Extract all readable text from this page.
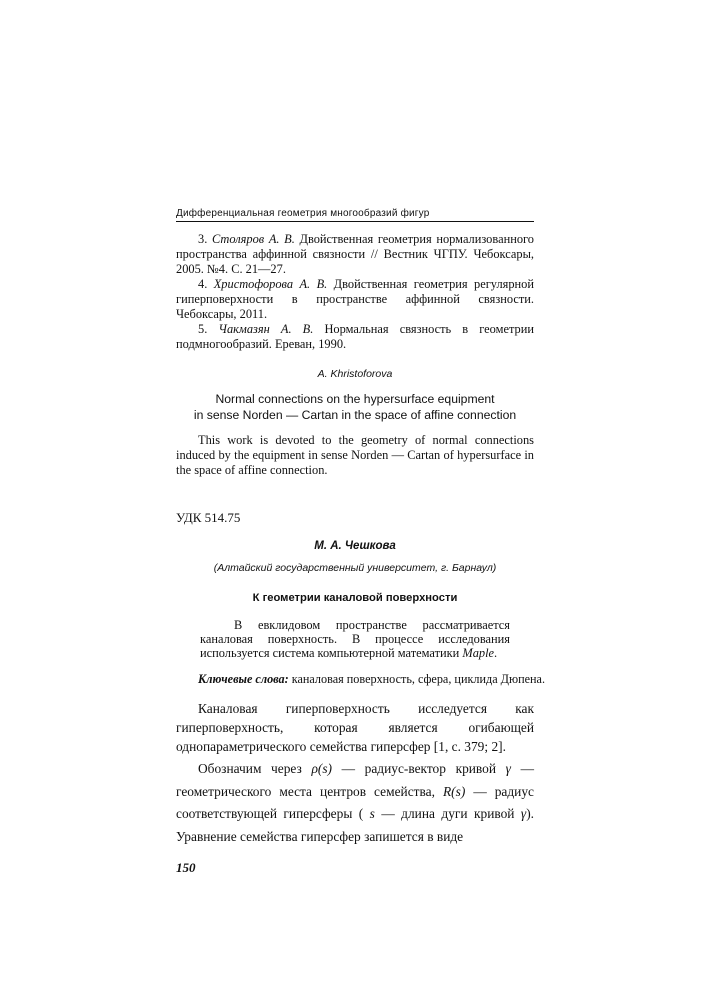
Дифференциальная геометрия многообразий фигур

3. Столяров А. В. Двойственная геометрия нормализованного пространства аффинной связности // Вестник ЧГПУ. Чебоксары, 2005. №4. С. 21—27.

4. Христофорова А. В. Двойственная геометрия регулярной гиперповерхности в пространстве аффинной связности. Чебоксары, 2011.

5. Чакмазян А. В. Нормальная связность в геометрии подмногообразий. Ереван, 1990.

A. Khristoforova
Normal connections on the hypersurface equipment
in sense Norden — Cartan in the space of affine connection
This work is devoted to the geometry of normal connections induced by the equipment in sense Norden — Cartan of hypersurface in the space of affine connection.
УДК 514.75
М. А. Чешкова
(Алтайский государственный университет, г. Барнаул)
К геометрии каналовой поверхности
В евклидовом пространстве рассматривается каналовая поверхность. В процессе исследования используется система компьютерной математики Maple.
Ключевые слова: каналовая поверхность, сфера, циклида Дюпена.

Каналовая гиперповерхность исследуется как гиперповерхность, которая является огибающей однопараметрического семейства гиперсфер [1, с. 379; 2].

Обозначим через ρ(s) — радиус-вектор кривой γ — геометрического места центров семейства, R(s) — радиус соответствующей гиперсферы ( s — длина дуги кривой γ). Уравнение семейства гиперсфер запишется в виде

150
